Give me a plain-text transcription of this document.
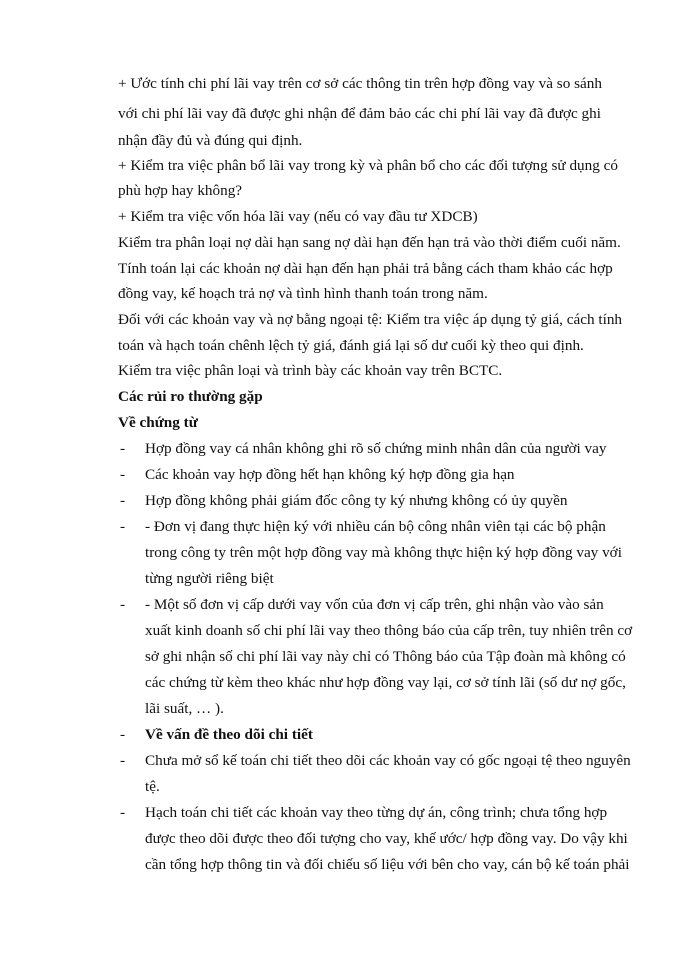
+ Ước tính chi phí lãi vay trên cơ sở các thông tin trên hợp đồng vay và so sánh
với chi phí lãi vay đã được ghi nhận để đảm bảo các chi phí lãi vay đã được ghi
nhận đầy đủ và đúng qui định.
+ Kiểm tra việc phân bổ lãi vay trong kỳ và phân bổ cho các đối tượng sử dụng có
phù hợp hay không?
+ Kiểm tra việc vốn hóa lãi vay (nếu có vay đầu tư XDCB)
Kiểm tra phân loại nợ dài hạn sang nợ dài hạn đến hạn trả vào thời điểm cuối năm.
Tính toán lại các khoản nợ dài hạn đến hạn phải trả bằng cách tham khảo các hợp
đồng vay, kế hoạch trả nợ và tình hình thanh toán trong năm.
Đối với các khoản vay và nợ bằng ngoại tệ: Kiểm tra việc áp dụng tỷ giá, cách tính
toán và hạch toán chênh lệch tỷ giá, đánh giá lại số dư cuối kỳ theo qui định.
Kiểm tra việc phân loại và trình bày các khoản vay trên BCTC.
Các rủi ro thường gặp
Về chứng từ
- Hợp đồng vay cá nhân không ghi rõ số chứng minh nhân dân của người vay
- Các khoản vay hợp đồng hết hạn không ký hợp đồng gia hạn
- Hợp đồng không phải giám đốc công ty ký nhưng không có ủy quyền
- - Đơn vị đang thực hiện ký với nhiều cán bộ công nhân viên tại các bộ phận
trong công ty trên một hợp đồng vay mà không thực hiện ký hợp đồng vay với
từng người riêng biệt
- - Một số đơn vị cấp dưới vay vốn của đơn vị cấp trên, ghi nhận vào vào sản
xuất kinh doanh số chi phí lãi vay theo thông báo của cấp trên, tuy nhiên trên cơ
sở ghi nhận số chi phí lãi vay này chỉ có Thông báo của Tập đoàn mà không có
các chứng từ kèm theo khác như hợp đồng vay lại, cơ sở tính lãi (số dư nợ gốc,
lãi suất, … ).
- Về vấn đề theo dõi chi tiết
- Chưa mở sổ kế toán chi tiết theo dõi các khoản vay có gốc ngoại tệ theo nguyên
tệ.
- Hạch toán chi tiết các khoản vay theo từng dự án, công trình; chưa tổng hợp
được theo dõi được theo đối tượng cho vay, khế ước/ hợp đồng vay. Do vậy khi
cần tổng hợp thông tin và đối chiếu số liệu với bên cho vay, cán bộ kế toán phải
